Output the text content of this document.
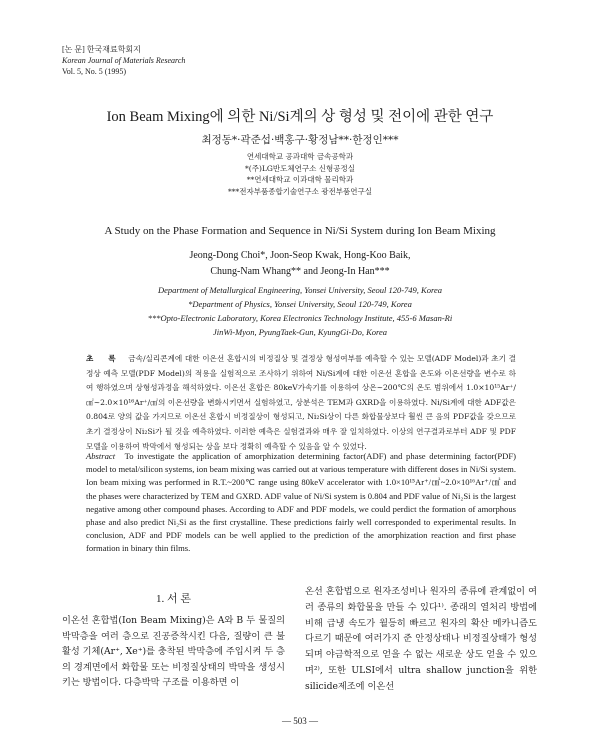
[논 문] 한국재료학회지
Korean Journal of Materials Research
Vol. 5, No. 5 (1995)
Ion Beam Mixing에 의한 Ni/Si계의 상 형성 및 전이에 관한 연구
최정동*·곽준섭·백홍구·황정남**·한정인***
연세대학교 공과대학 금속공학과
*(주)LG반도체연구소 신형공정실
**연세대학교 이과대학 물리학과
***전자부품종합기술연구소 광전부품연구실
A Study on the Phase Formation and Sequence in Ni/Si System during Ion Beam Mixing
Jeong-Dong Choi*, Joon-Seop Kwak, Hong-Koo Baik,
Chung-Nam Whang** and Jeong-In Han***
Department of Metallurgical Engineering, Yonsei University, Seoul 120-749, Korea
*Department of Physics, Yonsei University, Seoul 120-749, Korea
***Opto-Electronic Laboratory, Korea Electronics Technology Institute, 455-6 Masan-Ri
JinWi-Myon, PyungTaek-Gun, KyungGi-Do, Korea
초 록 금속/실리콘계에 대한 이온선 혼합시의 비정질상 및 결정상 형성여부를 예측할 수 있는 모델(ADF Model)과 초기 결정상 예측 모델(PDF Model)의 적용을 실험적으로 조사하기 위하여 Ni/Si계에 대한 이온선 혼합을 온도와 이온선량을 변수로 하여 행하였으며 상형성과정을 해석하였다. 이온선 혼합은 80keV가속기를 이용하여 상온~200℃의 온도 범위에서 1.0×10¹⁵Ar⁺/㎠~2.0×10¹⁶Ar⁺/㎠의 이온선량을 변화시키면서 실험하였고, 상분석은 TEM과 GXRD을 이용하였다. Ni/Si계에 대한 ADF값은 0.804로 양의 값을 가지므로 이온선 혼합시 비정질상이 형성되고, Ni₂Si상이 다른 화합물상보다 훨씬 큰 음의 PDF값을 갖으므로 초기 결정상이 Ni₂Si가 될 것을 예측하였다. 이러한 예측은 실험결과와 매우 잘 일치하였다. 이상의 연구결과로부터 ADF 및 PDF모델을 이용하여 박막에서 형성되는 상을 보다 정확히 예측할 수 있음을 알 수 있었다.
Abstract To investigate the application of amorphization determining factor(ADF) and phase determining factor(PDF) model to metal/silicon systems, ion beam mixing was carried out at various temperature with different doses in Ni/Si system. Ion beam mixing was performed in R.T.~200℃ range using 80keV accelerator with 1.0×10¹⁵Ar⁺/㎠~2.0×10¹⁶Ar⁺/㎠ and the phases were characterized by TEM and GXRD. ADF value of Ni/Si system is 0.804 and PDF value of Ni₂Si is the largest negative among other compound phases. According to ADF and PDF models, we could perdict the formation of amorphous phase and also predict Ni₂Si as the first crystalline. These predictions fairly well corresponded to experimental results. In conclusion, ADF and PDF models can be well applied to the prediction of the amorphization reaction and first phase formation in binary thin films.
1. 서 론
이온선 혼합법(Ion Beam Mixing)은 A와 B 두 물질의 박막층을 여러 층으로 진공증착시킨 다음, 질량이 큰 불활성 기체(Ar⁺, Xe⁺)를 충착된 박막층에 주입시켜 두 층의 경계면에서 화합물 또는 비정질상태의 박막을 생성시키는 방법이다. 다층박막 구조를 이용하면 이
온선 혼합법으로 원자조성비나 원자의 종류에 관계없이 여러 종류의 화합물을 만들 수 있다¹⁾. 종래의 열처리 방법에 비해 급냉 속도가 월등히 빠르고 원자의 확산 메카니즘도 다르기 때문에 여러가지 준 안정상태나 비정질상태가 형성되며 야금학적으로 얻을 수 없는 새로운 상도 얻을 수 있으며²⁾, 또한 ULSI에서 ultra shallow junction을 위한 silicide제조에 이온선
— 503 —
